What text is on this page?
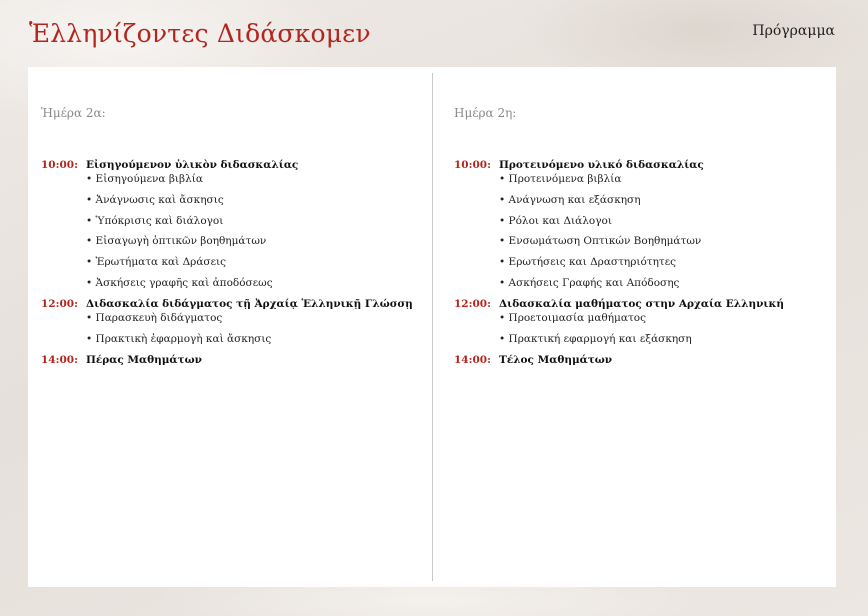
Ἑλληνίζοντες Διδάσκομεν	Πρόγραμμα
Ἡμέρα 2α:
10:00: Εἰσηγούμενον ὑλικὸν διδασκαλίας
• Εἰσηγούμενα βιβλία
• Ἀνάγνωσις καὶ ἄσκησις
• Ὑπόκρισις καὶ διάλογοι
• Εἰσαγωγὴ ὀπτικῶν βοηθημάτων
• Ἐρωτήματα καὶ Δράσεις
• Ἀσκήσεις γραφῆς καὶ ἀποδόσεως
12:00: Διδασκαλία διδάγματος τῇ Ἀρχαίᾳ Ἑλληνικῇ Γλώσσῃ
• Παρασκευὴ διδάγματος
• Πρακτικὴ ἐφαρμογὴ καὶ ἄσκησις
14:00: Πέρας Μαθημάτων
Ημέρα 2η:
10:00: Προτεινόμενο υλικό διδασκαλίας
• Προτεινόμενα βιβλία
• Ανάγνωση και εξάσκηση
• Ρόλοι και Διάλογοι
• Ενσωμάτωση Οπτικών Βοηθημάτων
• Ερωτήσεις και Δραστηριότητες
• Ασκήσεις Γραφής και Απόδοσης
12:00: Διδασκαλία μαθήματος στην Αρχαία Ελληνική
• Προετοιμασία μαθήματος
• Πρακτική εφαρμογή και εξάσκηση
14:00: Τέλος Μαθημάτων
